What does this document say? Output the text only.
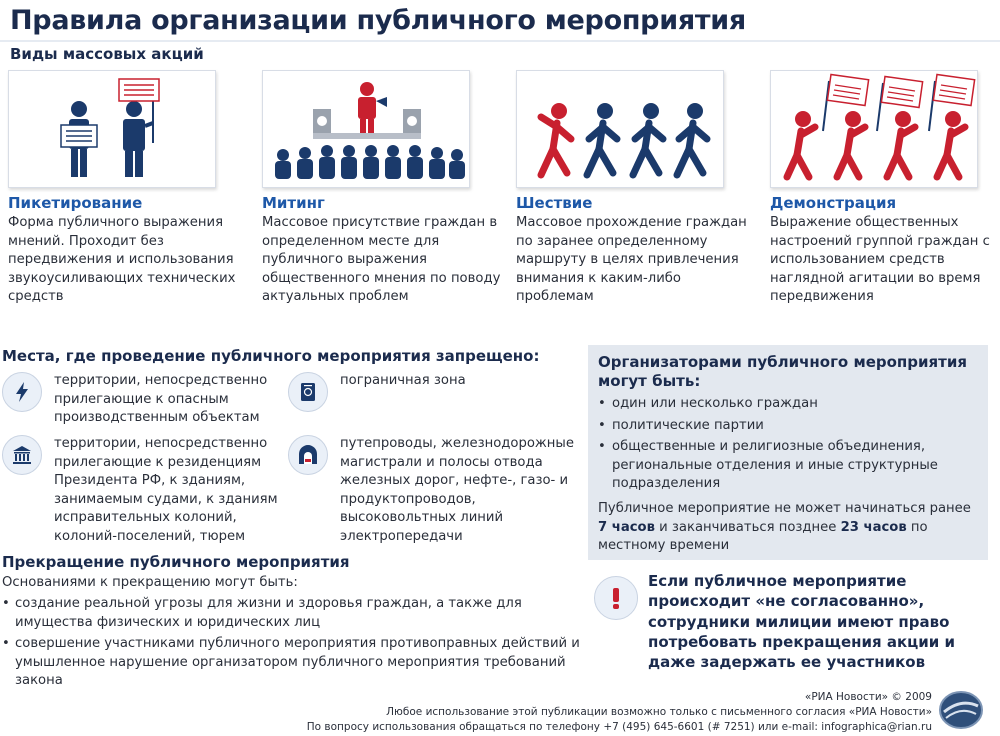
Правила организации публичного мероприятия
Виды массовых акций
Пикетирование
Форма публичного выражения мнений. Проходит без передвижения и использования звукоусиливающих технических средств
Митинг
Массовое присутствие граждан в определенном месте для публичного выражения общественного мнения по поводу актуальных проблем
Шествие
Массовое прохождение граждан по заранее определенному маршруту в целях привлечения внимания к каким-либо проблемам
Демонстрация
Выражение общественных настроений группой граждан с использованием средств наглядной агитации во время передвижения
Места, где проведение публичного мероприятия запрещено:
территории, непосредственно прилегающие к опасным производственным объектам
пограничная зона
территории, непосредственно прилегающие к резиденциям Президента РФ, к зданиям, занимаемым судами, к зданиям исправительных колоний, колоний-поселений, тюрем
путепроводы, железнодорожные магистрали и полосы отвода железных дорог, нефте-, газо- и продуктопроводов, высоковольтных линий электропередачи
Организаторами публичного мероприятия могут быть:
• один или несколько граждан
• политические партии
• общественные и религиозные объединения, региональные отделения и иные структурные подразделения
Публичное мероприятие не может начинаться ранее 7 часов и заканчиваться позднее 23 часов по местному времени
Прекращение публичного мероприятия
Основаниями к прекращению могут быть:
• создание реальной угрозы для жизни и здоровья граждан, а также для имущества физических и юридических лиц
• совершение участниками публичного мероприятия противоправных действий и умышленное нарушение организатором публичного мероприятия требований закона
Если публичное мероприятие происходит «не согласованно», сотрудники милиции имеют право потребовать прекращения акции и даже задержать ее участников
«РИА Новости» © 2009
Любое использование этой публикации возможно только с письменного согласия «РИА Новости»
По вопросу использования обращаться по телефону +7 (495) 645-6601 (# 7251) или e-mail: infographica@rian.ru
